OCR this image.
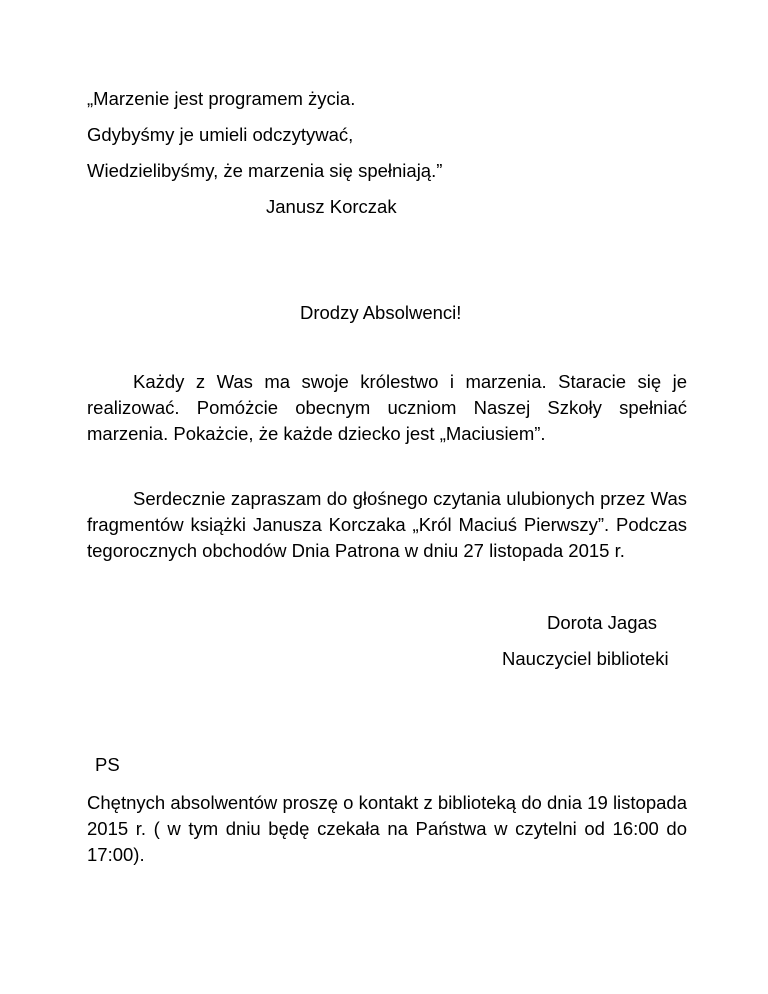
„Marzenie jest programem życia.
Gdybyśmy je umieli odczytywać,
Wiedzielibyśmy, że marzenia się spełniają.”
Janusz Korczak
Drodzy Absolwenci!

Każdy z Was ma swoje królestwo i marzenia. Staracie się je realizować. Pomóżcie obecnym uczniom Naszej Szkoły spełniać marzenia. Pokażcie, że każde dziecko jest „Maciusiem”.

Serdecznie zapraszam do głośnego czytania ulubionych przez Was fragmentów książki Janusza Korczaka „Król Maciuś Pierwszy”. Podczas tegorocznych obchodów Dnia Patrona w dniu 27 listopada 2015 r.

Dorota Jagas
Nauczyciel biblioteki
PS

Chętnych absolwentów proszę o kontakt z biblioteką do dnia 19 listopada 2015 r. ( w tym dniu będę czekała na Państwa w czytelni od 16:00 do 17:00).
